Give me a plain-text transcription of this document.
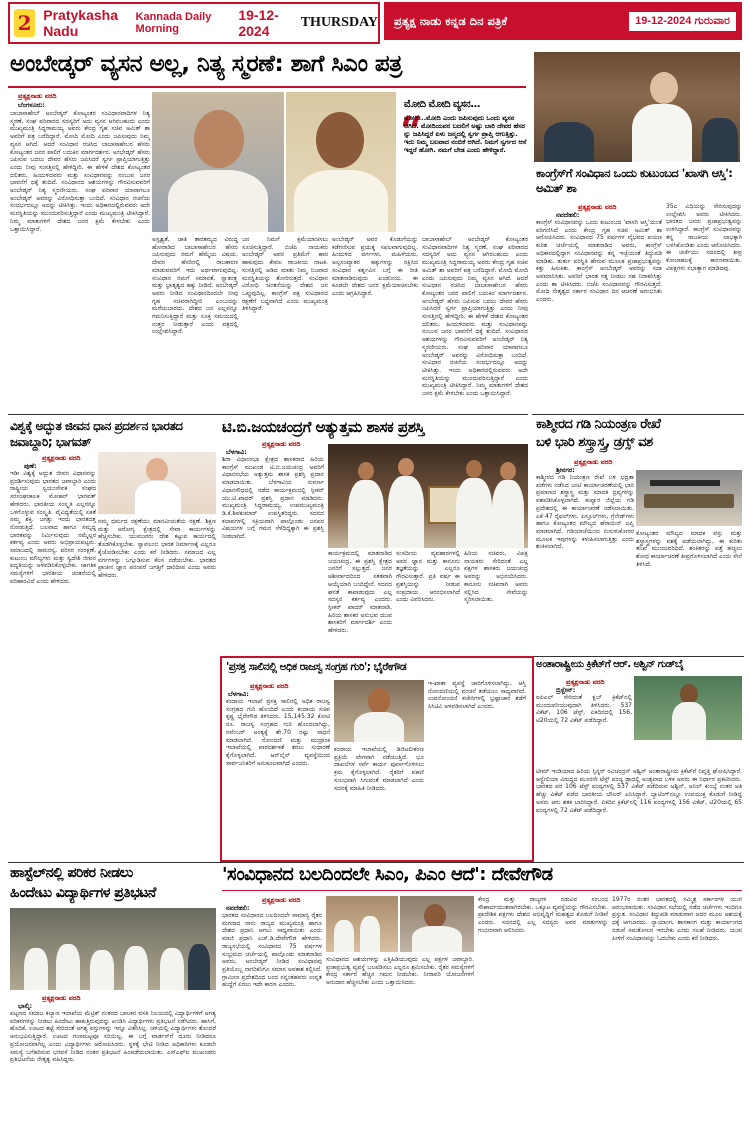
2 Pratykasha Nadu
Kannada Daily Morning
19-12-2024
THURSDAY ಪ್ರತ್ಯಕ್ಷ ನಾಡು ಕನ್ನಡ ದಿನ ಪತ್ರಿಕೆ	19-12-2024 ಗುರುವಾರ
ಅಂಬೇಡ್ಕರ್ ವ್ಯಸನ ಅಲ್ಲ, ನಿತ್ಯ ಸ್ಮರಣೆ: ಶಾಗೆ ಸಿಎಂ ಪತ್ರ
ಪ್ರತ್ಯಕ್ಷನಾಡು ವರದಿ
ಬೆಂಗಳೂರು:
ಬಾಬಾಸಾಹೇಬ್ ಅಂಬೇಡ್ಕರ್ ಕೋಟ್ಯಂತರ ಸಂವಿಧಾನವಾದಿಗಳ ನಿತ್ಯ ಸ್ಮರಣೆ, ಸಂಘ ಪರಿವಾರದ ಸದಸ್ಯರಿಗೆ ಅದು ವ್ಯಸನ ಆಗಿರಬಹುದು ಎಂದು ಮುಖ್ಯಮಂತ್ರಿ ಸಿದ್ದರಾಮಯ್ಯ ಅವರು ಕೇಂದ್ರ ಗೃಹ ಸಚಿವ ಅಮಿತ್ ಶಾ ಅವರಿಗೆ ಪತ್ರ ಬರೆದಿದ್ದಾರೆ. ಮೋದಿ ಮೋದಿ ಎಂದು ಜಪಿಸುವುದು ನಿಮ್ಮ ವ್ಯಸನ ಆಗಿದೆ. ಆದರೆ ಸಂವಿಧಾನ ರಚಿಸಿದ ಬಾಬಾಸಾಹೇಬರ ಹೆಸರು ಕೋಟ್ಯಂತರ ಜನರ ಪಾಲಿಗೆ ಬದುಕಿನ ಮಾರ್ಗದರ್ಶನ. ಅಂಬೇಡ್ಕರ್ ಹೆಸರು ಜಪಿಸುವ ಬದಲು ದೇವರ ಹೆಸರು ಜಪಿಸಿದರೆ ಸ್ವರ್ಗ ಪ್ರಾಪ್ತಿಯಾಗುತ್ತಿತ್ತು ಎಂದು ನೀವು ಸಂಸತ್ತಿನಲ್ಲಿ ಹೇಳಿದ್ದೀರಿ. ಈ ಹೇಳಿಕೆ ದೇಶದ ಕೋಟ್ಯಂತರ ದಲಿತರು, ಹಿಂದುಳಿದವರು ಮತ್ತು ಸಂವಿಧಾನವನ್ನು ನಂಬುವ ಜನರ ಭಾವನೆಗೆ ಧಕ್ಕೆ ತಂದಿದೆ. ಸಂವಿಧಾನದ ಆಶಯಗಳನ್ನು ಗೌರವಿಸುವವರಿಗೆ ಅಂಬೇಡ್ಕರ್ ನಿತ್ಯ ಸ್ಮರಣೀಯರು. ಸಂಘ ಪರಿವಾರ ಯಾವಾಗಲೂ ಅಂಬೇಡ್ಕರ್ ಅವರನ್ನು ವಿರೋಧಿಸುತ್ತಾ ಬಂದಿದೆ. ಸಂವಿಧಾನ ರಚನೆಯ ಸಂದರ್ಭದಲ್ಲೂ ಅದನ್ನು ಟೀಕಿಸಿತ್ತು. ಇಂದು ಅಧಿಕಾರದಲ್ಲಿರುವವರು ಅದೇ ಮನಸ್ಥಿತಿಯನ್ನು ಮುಂದುವರಿಸುತ್ತಿದ್ದಾರೆ ಎಂದು ಮುಖ್ಯಮಂತ್ರಿ ಟೀಕಿಸಿದ್ದಾರೆ. ನಿಮ್ಮ ಮಾತುಗಳಿಗೆ ದೇಶದ ಜನರ ಕ್ಷಮೆ ಕೇಳಬೇಕು ಎಂದು ಒತ್ತಾಯಿಸಿದ್ದಾರೆ.
ಮೋದಿ ಮೋದಿ ವ್ಯಸನ...
“
ಮೋದಿ...ಮೋದಿ ಎಂದು ಜಪಿಸುವುದು ಒಂದು ವ್ಯಸನ ಆಗಿದೆ. ಮೋದಿಯವರ ಬದಲಿಗೆ ಅಷ್ಟು ಬಾರಿ ದೇವರ ಹೆಸರ ನ್ನು ಜಪಿಸಿದ್ದರೆ ಏಳು ಜನ್ಮದಲ್ಲಿ ಸ್ವರ್ಗ ಪ್ರಾಪ್ತಿ ಆಗುತ್ತಿತ್ತು. ಇದು ನಿಮ್ಮ ಬಲವಾದ ನಂಬಿಕೆ ಆಗಿದೆ. ನಿಮಗೆ ಸ್ವರ್ಗದ ಆಸೆ ಇದ್ದರೆ ಹೋಗಿ. ನಮಗೆ ಬೇಡ ಎಂದು ಹೇಳಿದ್ದಾರೆ.
ಅಸ್ಪೃಶ್ಯತೆ, ಜಾತಿ ತಾರತಮ್ಯದ ವಿರುದ್ಧ ಹೋರಾಡಿದ ಬಾಬಾಸಾಹೇಬರ ಹೆಸರು ಜಪಿಸುವುದು ನಮಗೆ ಹೆಮ್ಮೆಯ ವಿಷಯ. ದೇವರ ಹೆಸರಿನಲ್ಲಿ ರಾಜಕಾರಣ ಮಾಡುವವರಿಗೆ ಇದು ಅರ್ಥವಾಗುವುದಿಲ್ಲ. ಸಂವಿಧಾನ ನಮಗೆ ಸಮಾನತೆ, ಸ್ವಾತಂತ್ರ್ಯ ಮತ್ತು ಭ್ರಾತೃತ್ವದ ಹಕ್ಕು ನೀಡಿದೆ. ಅಂಬೇಡ್ಕರ್ ಅವರು ನೀಡಿದ ಸಂವಿಧಾನದಿಂದಲೇ ನೀವು ಗೃಹ ಸಚಿವರಾಗಿದ್ದೀರಿ ಎಂಬುದನ್ನು ಮರೆಯಬಾರದು. ದೇಶದ ಜನ ಎಲ್ಲವನ್ನೂ ಗಮನಿಸುತ್ತಿದ್ದಾರೆ ಮತ್ತು ಸೂಕ್ತ ಸಮಯದಲ್ಲಿ ಉತ್ತರ ನೀಡುತ್ತಾರೆ ಎಂದು ಪತ್ರದಲ್ಲಿ ಉಲ್ಲೇಖಿಸಿದ್ದಾರೆ.
ಜನ ನಿಮಗೆ ಕ್ಷಮೆಯಾಚಿಸಲು ಸೂಚಿಸುತ್ತಿದ್ದಾರೆ. ಬಿಜೆಪಿ ನಾಯಕರು ಅಂಬೇಡ್ಕರ್ ಅವರ ಪ್ರತಿಮೆಗೆ ಹಾರ ಹಾಕುವುದು ಕೇವಲ ರಾಜಕೀಯ ನಾಟಕ. ಸಂಸತ್ತಿನಲ್ಲಿ ಆಡಿದ ಮಾತು ನಿಮ್ಮ ನಿಜವಾದ ಮನಸ್ಥಿತಿಯನ್ನು ತೋರಿಸುತ್ತದೆ. ಸಂವಿಧಾನ ವಿರೋಧಿ ಚಿಂತನೆಯನ್ನು ದೇಶದ ಜನ ಒಪ್ಪುವುದಿಲ್ಲ. ಕಾಂಗ್ರೆಸ್ ಪಕ್ಷ ಸಂವಿಧಾನದ ರಕ್ಷಣೆಗೆ ಬದ್ಧವಾಗಿದೆ ಎಂದು ಮುಖ್ಯಮಂತ್ರಿ ತಿಳಿಸಿದ್ದಾರೆ.
ಅಂಬೇಡ್ಕರ್ ಅವರ ಕೊಡುಗೆಯನ್ನು ಕಡೆಗಣಿಸುವ ಪ್ರಯತ್ನ ಸಫಲವಾಗುವುದಿಲ್ಲ. ಹಿಂದುಳಿದ ವರ್ಗಗಳು, ಮಹಿಳೆಯರು, ಅಲ್ಪಸಂಖ್ಯಾತರ ಹಕ್ಕುಗಳನ್ನು ರಕ್ಷಿಸಿದ ಸಂವಿಧಾನ ಕರ್ತೃವಿನ ಬಗ್ಗೆ ಈ ರೀತಿ ಮಾತನಾಡಿರುವುದು ಖಂಡನೀಯ. ಈ ಕೂಡಲೇ ದೇಶದ ಜನರ ಕ್ಷಮೆಯಾಚಿಸಬೇಕು ಎಂದು ಆಗ್ರಹಿಸಿದ್ದಾರೆ.
ಬಾಬಾಸಾಹೇಬ್ ಅಂಬೇಡ್ಕರ್ ಕೋಟ್ಯಂತರ ಸಂವಿಧಾನವಾದಿಗಳ ನಿತ್ಯ ಸ್ಮರಣೆ, ಸಂಘ ಪರಿವಾರದ ಸದಸ್ಯರಿಗೆ ಅದು ವ್ಯಸನ ಆಗಿರಬಹುದು ಎಂದು ಮುಖ್ಯಮಂತ್ರಿ ಸಿದ್ದರಾಮಯ್ಯ ಅವರು ಕೇಂದ್ರ ಗೃಹ ಸಚಿವ ಅಮಿತ್ ಶಾ ಅವರಿಗೆ ಪತ್ರ ಬರೆದಿದ್ದಾರೆ. ಮೋದಿ ಮೋದಿ ಎಂದು ಜಪಿಸುವುದು ನಿಮ್ಮ ವ್ಯಸನ ಆಗಿದೆ. ಆದರೆ ಸಂವಿಧಾನ ರಚಿಸಿದ ಬಾಬಾಸಾಹೇಬರ ಹೆಸರು ಕೋಟ್ಯಂತರ ಜನರ ಪಾಲಿಗೆ ಬದುಕಿನ ಮಾರ್ಗದರ್ಶನ. ಅಂಬೇಡ್ಕರ್ ಹೆಸರು ಜಪಿಸುವ ಬದಲು ದೇವರ ಹೆಸರು ಜಪಿಸಿದರೆ ಸ್ವರ್ಗ ಪ್ರಾಪ್ತಿಯಾಗುತ್ತಿತ್ತು ಎಂದು ನೀವು ಸಂಸತ್ತಿನಲ್ಲಿ ಹೇಳಿದ್ದೀರಿ. ಈ ಹೇಳಿಕೆ ದೇಶದ ಕೋಟ್ಯಂತರ ದಲಿತರು, ಹಿಂದುಳಿದವರು ಮತ್ತು ಸಂವಿಧಾನವನ್ನು ನಂಬುವ ಜನರ ಭಾವನೆಗೆ ಧಕ್ಕೆ ತಂದಿದೆ. ಸಂವಿಧಾನದ ಆಶಯಗಳನ್ನು ಗೌರವಿಸುವವರಿಗೆ ಅಂಬೇಡ್ಕರ್ ನಿತ್ಯ ಸ್ಮರಣೀಯರು. ಸಂಘ ಪರಿವಾರ ಯಾವಾಗಲೂ ಅಂಬೇಡ್ಕರ್ ಅವರನ್ನು ವಿರೋಧಿಸುತ್ತಾ ಬಂದಿದೆ. ಸಂವಿಧಾನ ರಚನೆಯ ಸಂದರ್ಭದಲ್ಲೂ ಅದನ್ನು ಟೀಕಿಸಿತ್ತು. ಇಂದು ಅಧಿಕಾರದಲ್ಲಿರುವವರು ಅದೇ ಮನಸ್ಥಿತಿಯನ್ನು ಮುಂದುವರಿಸುತ್ತಿದ್ದಾರೆ ಎಂದು ಮುಖ್ಯಮಂತ್ರಿ ಟೀಕಿಸಿದ್ದಾರೆ. ನಿಮ್ಮ ಮಾತುಗಳಿಗೆ ದೇಶದ ಜನರ ಕ್ಷಮೆ ಕೇಳಬೇಕು ಎಂದು ಒತ್ತಾಯಿಸಿದ್ದಾರೆ.
ಕಾಂಗ್ರೆಸ್‌ಗೆ ಸಂವಿಧಾನ ಒಂದು ಕುಟುಂಬದ 'ಖಾಸಗಿ ಆಸ್ತಿ': ಅಮಿತ್ ಶಾ
ಪ್ರತ್ಯಕ್ಷನಾಡು ವರದಿ
ನವದೆಹಲಿ:
ಕಾಂಗ್ರೆಸ್ ಸಂವಿಧಾನವನ್ನು ಒಂದು ಕುಟುಂಬದ 'ಖಾಸಗಿ ಆಸ್ತಿ'ಯಂತೆ ಪರಿಗಣಿಸಿದೆ ಎಂದು ಕೇಂದ್ರ ಗೃಹ ಸಚಿವ ಅಮಿತ್ ಶಾ ಆರೋಪಿಸಿದರು. ಸಂವಿಧಾನದ 75 ವರ್ಷಗಳ ವೈಭವದ ಪಯಣ ಕುರಿತ ಚರ್ಚೆಯಲ್ಲಿ ಮಾತನಾಡಿದ ಅವರು, ಕಾಂಗ್ರೆಸ್ ಅಧಿಕಾರದಲ್ಲಿದ್ದಾಗ ಸಂವಿಧಾನವನ್ನು ತನ್ನ ಇಚ್ಛೆಯಂತೆ ತಿದ್ದುಪಡಿ ಮಾಡಿತು. ತುರ್ತು ಪರಿಸ್ಥಿತಿ ಹೇರುವ ಮೂಲಕ ಪ್ರಜಾಪ್ರಭುತ್ವವನ್ನು ಕತ್ತು ಹಿಸುಕಿತು. ಕಾಂಗ್ರೆಸ್ ಅಂಬೇಡ್ಕರ್ ಅವರನ್ನು ಸದಾ ಅವಮಾನಿಸಿತು. ಅವರಿಗೆ ಭಾರತ ರತ್ನ ನೀಡಲು ಸಹ ನಿರಾಕರಿಸಿತ್ತು ಎಂದು ಶಾ ಟೀಕಿಸಿದರು. ಬಿಜೆಪಿ ಸಂವಿಧಾನವನ್ನು ಗೌರವಿಸುತ್ತದೆ. ಮೋದಿ ನೇತೃತ್ವದ ಸರ್ಕಾರ ಸಂವಿಧಾನ ದಿನ ಆಚರಣೆ ಆರಂಭಿಸಿತು ಎಂದರು.
35ಎ ವಿಧಿಯನ್ನು ಸೇರಿಸುವುದನ್ನು ಉಲ್ಲೇಖಿಸಿ ಅವರು ಟೀಕಿಸಿದರು. ಭಾರತದ ಜನರು ಪ್ರಜಾಪ್ರಭುತ್ವವನ್ನು ಉಳಿಸಿದ್ದಾರೆ. ಕಾಂಗ್ರೆಸ್ ಸಂವಿಧಾನವನ್ನು ತನ್ನ ರಾಜಕೀಯ ಲಾಭಕ್ಕಾಗಿ ಬಳಸಿಕೊಂಡಿತು ಎಂದು ಆರೋಪಿಸಿದರು. ಈ ಚರ್ಚೆಯು ಸದನದಲ್ಲಿ ತೀವ್ರ ಕೋಲಾಹಲಕ್ಕೆ ಕಾರಣವಾಯಿತು. ವಿಪಕ್ಷಗಳು ಸಭಾತ್ಯಾಗ ಮಾಡಿದವು.
ಕಾಶ್ಮೀರದ ಗಡಿ ನಿಯಂತ್ರಣ ರೇಖೆ
ಬಳಿ ಭಾರಿ ಶಸ್ತ್ರಾಸ್ತ್ರ, ಡ್ರಗ್ಸ್ ವಶ
ಪ್ರತ್ಯಕ್ಷನಾಡು ವರದಿ
ಶ್ರೀನಗರ:
ಕಾಶ್ಮೀರದ ಗಡಿ ನಿಯಂತ್ರಣ ರೇಖೆ ಬಳಿ ಭದ್ರತಾ ಪಡೆಗಳು ನಡೆಸಿದ ಜಂಟಿ ಕಾರ್ಯಾಚರಣೆಯಲ್ಲಿ ಭಾರಿ ಪ್ರಮಾಣದ ಶಸ್ತ್ರಾಸ್ತ್ರ ಮತ್ತು ಮಾದಕ ದ್ರವ್ಯಗಳನ್ನು ವಶಪಡಿಸಿಕೊಳ್ಳಲಾಗಿದೆ. ಕುಪ್ವಾರ ಜಿಲ್ಲೆಯ ಗಡಿ ಪ್ರದೇಶದಲ್ಲಿ ಈ ಕಾರ್ಯಾಚರಣೆ ನಡೆಸಲಾಯಿತು. ಎಕೆ 47 ರೈಫಲ್‌ಗಳು, ಪಿಸ್ತೂಲ್‌ಗಳು, ಗ್ರೆನೇಡ್‌ಗಳು ಹಾಗೂ ಕೋಟ್ಯಂತರ ಮೌಲ್ಯದ ಹೆರಾಯಿನ್ ಜಪ್ತಿ ಮಾಡಲಾಗಿದೆ. ಗಡಿಯಾಚೆಯಿಂದ ನುಸುಳುಕೋರರ ಮೂಲಕ ಇವುಗಳನ್ನು ಕಳುಹಿಸಲಾಗುತ್ತಿತ್ತು ಎಂದು ಶಂಕಿಸಲಾಗಿದೆ.
ಕೋಟ್ಯಂತರ ಮೌಲ್ಯದ ಮಾದಕ ವಸ್ತು ಮತ್ತು ಶಸ್ತ್ರಾಸ್ತ್ರಗಳನ್ನು ವಶಕ್ಕೆ ಪಡೆಯಲಾಗಿದ್ದು, ಈ ಕುರಿತು ತನಿಖೆ ಮುಂದುವರಿದಿದೆ. ಶಂಕಿತರನ್ನು ಪತ್ತೆ ಹಚ್ಚಲು ಶೋಧ ಕಾರ್ಯಾಚರಣೆ ತೀವ್ರಗೊಳಿಸಲಾಗಿದೆ ಎಂದು ಸೇನೆ ತಿಳಿಸಿದೆ.
ಅಂತಾರಾಷ್ಟ್ರೀಯ ಕ್ರಿಕೆಟ್‌ಗೆ ಆರ್. ಅಶ್ವಿನ್ ಗುಡ್‌ಬೈ
ಪ್ರತ್ಯಕ್ಷನಾಡು ವರದಿ
ಬ್ರಿಸ್ಬೇನ್:
ಐಪಿಎಲ್ ಸೇರಿದಂತೆ ಕ್ಲಬ್ ಕ್ರಿಕೆಟ್‌ನಲ್ಲಿ ಮುಂದುವರಿಯುವುದಾಗಿ ತಿಳಿಸಿದರು. 537 ವಿಕೆಟ್, 106 ಟೆಸ್ಟ್, ಏಕದಿನದಲ್ಲಿ 156, ಟಿ20ಯಲ್ಲಿ 72 ವಿಕೆಟ್ ಪಡೆದಿದ್ದಾರೆ.
ಟೀಮ್ ಇಂಡಿಯಾದ ಹಿರಿಯ ಸ್ಪಿನ್ನರ್ ರವಿಚಂದ್ರನ್ ಅಶ್ವಿನ್ ಅಂತಾರಾಷ್ಟ್ರೀಯ ಕ್ರಿಕೆಟ್‌ಗೆ ನಿವೃತ್ತಿ ಘೋಷಿಸಿದ್ದಾರೆ. ಆಸ್ಟ್ರೇಲಿಯಾ ವಿರುದ್ಧದ ಮೂರನೇ ಟೆಸ್ಟ್ ಪಂದ್ಯ ಡ್ರಾದಲ್ಲಿ ಅಂತ್ಯವಾದ ಬಳಿಕ ಅವರು ಈ ನಿರ್ಧಾರ ಪ್ರಕಟಿಸಿದರು. ಭಾರತದ ಪರ 106 ಟೆಸ್ಟ್ ಪಂದ್ಯಗಳಲ್ಲಿ 537 ವಿಕೆಟ್ ಪಡೆದಿರುವ ಅಶ್ವಿನ್, ಅನಿಲ್ ಕುಂಬ್ಳೆ ನಂತರ ಅತಿ ಹೆಚ್ಚು ವಿಕೆಟ್ ಪಡೆದ ಭಾರತೀಯ ಬೌಲರ್ ಎನಿಸಿದ್ದಾರೆ. ಬ್ಯಾಟಿಂಗ್‌ನಲ್ಲೂ ಉಪಯುಕ್ತ ಕೊಡುಗೆ ನೀಡಿದ್ದ ಅವರು ಆರು ಶತಕ ಬಾರಿಸಿದ್ದಾರೆ. ಏಕದಿನ ಕ್ರಿಕೆಟ್‌ನಲ್ಲಿ 116 ಪಂದ್ಯಗಳಲ್ಲಿ 156 ವಿಕೆಟ್, ಟಿ20ಯಲ್ಲಿ 65 ಪಂದ್ಯಗಳಲ್ಲಿ 72 ವಿಕೆಟ್ ಪಡೆದಿದ್ದಾರೆ.
ವಿಶ್ವಕ್ಕೆ ಅದ್ಭುತ ಜೀವನ ಧಾನ ಪ್ರದರ್ಶನ ಭಾರತದ ಜವಾಬ್ದಾರಿ; ಭಾಗವತ್
ಪ್ರತ್ಯಕ್ಷನಾಡು ವರದಿ
ಪುಣೆ:
ಇಡೀ ವಿಶ್ವಕ್ಕೆ ಅದ್ಭುತ ಜೀವನ ವಿಧಾನವನ್ನು ಪ್ರದರ್ಶಿಸುವುದು ಭಾರತದ ಜವಾಬ್ದಾರಿ ಎಂದು ರಾಷ್ಟ್ರೀಯ ಸ್ವಯಂಸೇವಕ ಸಂಘದ ಸರಸಂಘಚಾಲಕ ಮೋಹನ್ ಭಾಗವತ್ ಹೇಳಿದರು. ಭಾರತೀಯ ಸಂಸ್ಕೃತಿ ಎಲ್ಲರನ್ನೂ ಒಳಗೊಳ್ಳುವ ಸಂಸ್ಕೃತಿ. ವೈವಿಧ್ಯತೆಯಲ್ಲಿ ಏಕತೆ ನಮ್ಮ ಶಕ್ತಿ. ಜಗತ್ತು ಇಂದು ಭಾರತದತ್ತ ನೋಡುತ್ತಿದೆ. ಬಲವಾದ ಹಾಗೂ ಸಮೃದ್ಧ ಭಾರತವನ್ನು ನಿರ್ಮಿಸುವುದು ನಮ್ಮೆಲ್ಲರ ಕರ್ತವ್ಯ ಎಂದು ಅವರು ಅಭಿಪ್ರಾಯಪಟ್ಟರು. ಸಮಾಜದಲ್ಲಿ ಸಾಮರಸ್ಯ, ಪರಿಸರ ಸಂರಕ್ಷಣೆ, ಕುಟುಂಬ ಮೌಲ್ಯಗಳು ಮತ್ತು ಸ್ವದೇಶಿ ಜೀವನ ಪದ್ಧತಿಯನ್ನು ಅಳವಡಿಸಿಕೊಳ್ಳಬೇಕು. ಜಾಗತಿಕ ಸಮಸ್ಯೆಗಳಿಗೆ ಭಾರತೀಯ ಚಿಂತನೆಯಲ್ಲಿ ಪರಿಹಾರವಿದೆ ಎಂದು ಹೇಳಿದರು.
ನಮ್ಮ ಧರ್ಮದ ರಕ್ಷಣೆಯು ಮಾನವೀಯತೆಯ ರಕ್ಷಣೆ. ಶಿಕ್ಷಣ ಮತ್ತು ಆರೋಗ್ಯ ಕ್ಷೇತ್ರದಲ್ಲಿ ಸೇವಾ ಕಾರ್ಯಗಳನ್ನು ಹೆಚ್ಚಿಸಬೇಕು. ಯುವಜನರು ದೇಶ ಕಟ್ಟುವ ಕಾರ್ಯದಲ್ಲಿ ತೊಡಗಿಕೊಳ್ಳಬೇಕು. ಸ್ವಾವಲಂಬಿ ಭಾರತ ನಿರ್ಮಾಣಕ್ಕೆ ಎಲ್ಲರೂ ಕೈಜೋಡಿಸಬೇಕು ಎಂದು ಕರೆ ನೀಡಿದರು. ಸಮಾಜದ ಎಲ್ಲ ವರ್ಗಗಳನ್ನು ಒಗ್ಗೂಡಿಸುವ ಕೆಲಸ ನಡೆಯಬೇಕು. ಭಾರತದ ಪ್ರಾಚೀನ ಜ್ಞಾನ ಪರಂಪರೆ ಜಗತ್ತಿಗೆ ದಾರಿದೀಪ ಎಂದು ಅವರು ಹೇಳಿದರು.
ಟಿ.ಬಿ.ಜಯಚಂದ್ರಗೆ ಅತ್ಯುತ್ತಮ ಶಾಸಕ ಪ್ರಶಸ್ತಿ
ಪ್ರತ್ಯಕ್ಷನಾಡು ವರದಿ
ಬೆಳಗಾವಿ:
ಶಿರಾ ವಿಧಾನಸಭಾ ಕ್ಷೇತ್ರದ ಶಾಸಕರಾದ ಹಿರಿಯ ಕಾಂಗ್ರೆಸ್ ಮುಖಂಡ ಟಿ.ಬಿ.ಜಯಚಂದ್ರ ಅವರಿಗೆ ವಿಧಾನಸಭೆಯ ಅತ್ಯುತ್ತಮ ಶಾಸಕ ಪ್ರಶಸ್ತಿ ಪ್ರದಾನ ಮಾಡಲಾಯಿತು. ಬೆಳಗಾವಿಯ ಸುವರ್ಣ ವಿಧಾನಸೌಧದಲ್ಲಿ ನಡೆದ ಕಾರ್ಯಕ್ರಮದಲ್ಲಿ ಸ್ಪೀಕರ್ ಯು.ಟಿ.ಖಾದರ್ ಪ್ರಶಸ್ತಿ ಪ್ರದಾನ ಮಾಡಿದರು. ಮುಖ್ಯಮಂತ್ರಿ ಸಿದ್ದರಾಮಯ್ಯ, ಉಪಮುಖ್ಯಮಂತ್ರಿ ಡಿ.ಕೆ.ಶಿವಕುಮಾರ್ ಉಪಸ್ಥಿತರಿದ್ದರು. ಸದನದ ಕಲಾಪಗಳಲ್ಲಿ ಸಕ್ರಿಯವಾಗಿ ಪಾಲ್ಗೊಂಡು ಜನಪರ ವಿಷಯಗಳ ಬಗ್ಗೆ ಗಮನ ಸೆಳೆದಿದ್ದಕ್ಕಾಗಿ ಈ ಪ್ರಶಸ್ತಿ ನೀಡಲಾಗಿದೆ.
ಕಾರ್ಯಕ್ರಮದಲ್ಲಿ ಮಾತನಾಡಿದ ಜಯಚಂದ್ರ, ಈ ಪ್ರಶಸ್ತಿ ಕ್ಷೇತ್ರದ ಜನರಿಗೆ ಸಲ್ಲುತ್ತದೆ. ಜನರ ಆಶೀರ್ವಾದದಿಂದ ಸತತವಾಗಿ ಆಯ್ಕೆಯಾಗಿ ಬಂದಿದ್ದೇನೆ. ಸದನದ ಘನತೆ ಕಾಪಾಡುವುದು ಎಲ್ಲ ಸದಸ್ಯರ ಕರ್ತವ್ಯ ಎಂದರು. ಸ್ಪೀಕರ್ ಖಾದರ್ ಮಾತನಾಡಿ, ಹಿರಿಯ ಶಾಸಕರ ಅನುಭವ ಯುವ ಶಾಸಕರಿಗೆ ಮಾರ್ಗದರ್ಶಿ ಎಂದು ಹೇಳಿದರು.
ಸಂಸದೀಯ ವ್ಯವಹಾರಗಳಲ್ಲಿ ಅವರ ಜ್ಞಾನ ಮತ್ತು ಕಾನೂನು ತಜ್ಞತೆಯನ್ನು ಎಲ್ಲರೂ ಗೌರವಿಸುತ್ತಾರೆ. ಪ್ರತಿ ವರ್ಷ ಈ ಪ್ರಶಸ್ತಿಯನ್ನು ನೀಡುವ ಸಂಪ್ರದಾಯ ಆರಂಭಿಸಲಾಗಿದೆ ಎಂದು ವಿವರಿಸಿದರು.
ಹಿರಿಯ ಸಚಿವರು, ವಿಪಕ್ಷ ನಾಯಕರು ಸೇರಿದಂತೆ ಎಲ್ಲ ಪಕ್ಷಗಳ ಶಾಸಕರು ಜಯಚಂದ್ರ ಅವರನ್ನು ಅಭಿನಂದಿಸಿದರು. ಕಾನೂನು ಸಚಿವರಾಗಿ ಅವರು ಸಲ್ಲಿಸಿದ ಸೇವೆಯನ್ನು ಸ್ಮರಿಸಲಾಯಿತು.
'ಪ್ರಸಕ್ತ ಸಾಲಿನಲ್ಲಿ ಅಧಿಕ ರಾಜಸ್ವ ಸಂಗ್ರಹ ಗುರಿ'; ಭೈರೇಗೌಡ
ಪ್ರತ್ಯಕ್ಷನಾಡು ವರದಿ
ಬೆಳಗಾವಿ:
ಕಂದಾಯ ಇಲಾಖೆ ಪ್ರಸಕ್ತ ಸಾಲಿನಲ್ಲಿ ಅಧಿಕ ರಾಜಸ್ವ ಸಂಗ್ರಹದ ಗುರಿ ಹೊಂದಿದೆ ಎಂದು ಕಂದಾಯ ಸಚಿವ ಕೃಷ್ಣ ಭೈರೇಗೌಡ ತಿಳಿಸಿದರು. 15,145.32 ಕೋಟಿ ರೂ. ರಾಜಸ್ವ ಸಂಗ್ರಹದ ಗುರಿ ಹೊಂದಲಾಗಿದ್ದು, ನವೆಂಬರ್ ಅಂತ್ಯಕ್ಕೆ ಶೇ.70 ರಷ್ಟು ಸಾಧನೆ ಮಾಡಲಾಗಿದೆ. ನೋಂದಣಿ ಮತ್ತು ಮುದ್ರಾಂಕ ಇಲಾಖೆಯಲ್ಲಿ ಪಾರದರ್ಶಕತೆ ತರಲು ಸುಧಾರಣೆ ಕೈಗೊಳ್ಳಲಾಗಿದೆ. ಆನ್‌ಲೈನ್ ವ್ಯವಸ್ಥೆಯಿಂದ ಸಾರ್ವಜನಿಕರಿಗೆ ಅನುಕೂಲವಾಗಿದೆ ಎಂದರು.
ಕಂದಾಯ ಇಲಾಖೆಯಲ್ಲಿ ಡಿಜಿಟಲೀಕರಣ ಪ್ರಕ್ರಿಯೆ ವೇಗವಾಗಿ ನಡೆಯುತ್ತಿದೆ. ಭೂ ದಾಖಲೆಗಳ ಸರ್ವೆ ಕಾರ್ಯ ಪೂರ್ಣಗೊಳಿಸಲು ಕ್ರಮ ಕೈಗೊಳ್ಳಲಾಗಿದೆ. ರೈತರಿಗೆ ಪಹಣಿ ಸುಲಭವಾಗಿ ಸಿಗುವಂತೆ ಮಾಡಲಾಗಿದೆ ಎಂದು ಸದನಕ್ಕೆ ಮಾಹಿತಿ ನೀಡಿದರು.
ಇ-ಖಾತಾ ವ್ಯವಸ್ಥೆ ಜಾರಿಗೊಳಿಸಲಾಗಿದ್ದು, ಆಸ್ತಿ ನೋಂದಣಿಯಲ್ಲಿ ವಂಚನೆ ತಡೆಯಲು ಸಾಧ್ಯವಾಗಿದೆ. ಉಪನೋಂದಣಿ ಕಚೇರಿಗಳಲ್ಲಿ ಭ್ರಷ್ಟಾಚಾರ ತಡೆಗೆ ಸಿಸಿಟಿವಿ ಅಳವಡಿಸಲಾಗಿದೆ ಎಂದರು.
ಹಾಸ್ಟೆಲ್‌ನಲ್ಲಿ ಪರಿಕರ ನೀಡಲು
ಹಿಂದೇಟು ವಿದ್ಯಾರ್ಥಿಗಳ ಪ್ರತಿಭಟನೆ
ಪ್ರತ್ಯಕ್ಷನಾಡು ವರದಿ
ಭಾಲ್ಕಿ:
ಪಟ್ಟಣದ ಸಮಾಜ ಕಲ್ಯಾಣ ಇಲಾಖೆಯ ಮೆಟ್ರಿಕ್ ನಂತರದ ಬಾಲಕರ ವಸತಿ ನಿಲಯದಲ್ಲಿ ವಿದ್ಯಾರ್ಥಿಗಳಿಗೆ ಅಗತ್ಯ ಪರಿಕರಗಳನ್ನು ನೀಡಲು ಹಿಂದೇಟು ಹಾಕುತ್ತಿರುವುದನ್ನು ಖಂಡಿಸಿ ವಿದ್ಯಾರ್ಥಿಗಳು ಪ್ರತಿಭಟನೆ ನಡೆಸಿದರು. ಹಾಸಿಗೆ, ಹೊದಿಕೆ, ಊಟದ ತಟ್ಟೆ ಸೇರಿದಂತೆ ಅಗತ್ಯ ವಸ್ತುಗಳನ್ನು ಇನ್ನೂ ವಿತರಿಸಿಲ್ಲ. ಚಳಿಯಲ್ಲಿ ವಿದ್ಯಾರ್ಥಿಗಳು ತೊಂದರೆ ಅನುಭವಿಸುತ್ತಿದ್ದಾರೆ. ಊಟದ ಗುಣಮಟ್ಟವೂ ಸರಿಯಿಲ್ಲ. ಈ ಬಗ್ಗೆ ವಾರ್ಡನ್‌ಗೆ ದೂರು ನೀಡಿದರೂ ಪ್ರಯೋಜನವಾಗಿಲ್ಲ ಎಂದು ವಿದ್ಯಾರ್ಥಿಗಳು ಆರೋಪಿಸಿದರು. ಸ್ಥಳಕ್ಕೆ ಭೇಟಿ ನೀಡಿದ ಅಧಿಕಾರಿಗಳು ಕೂಡಲೇ ಸಮಸ್ಯೆ ಬಗೆಹರಿಸುವ ಭರವಸೆ ನೀಡಿದ ನಂತರ ಪ್ರತಿಭಟನೆ ಹಿಂಪಡೆಯಲಾಯಿತು. ಎಸ್‌ಎಫ್‌ಐ ಮುಖಂಡರು ಪ್ರತಿಭಟನೆಯ ನೇತೃತ್ವ ವಹಿಸಿದ್ದರು.
'ಸಂವಿಧಾನದ ಬಲದಿಂದಲೇ ಸಿಎಂ, ಪಿಎಂ ಆದೆ': ದೇವೇಗೌಡ
ಪ್ರತ್ಯಕ್ಷನಾಡು ವರದಿ
ನವದೆಹಲಿ:
ಭಾರತದ ಸಂವಿಧಾನದ ಬಲದಿಂದಲೇ ಸಾಮಾನ್ಯ ರೈತನ ಮಗನಾದ ನಾನು ರಾಜ್ಯದ ಮುಖ್ಯಮಂತ್ರಿ ಹಾಗೂ ದೇಶದ ಪ್ರಧಾನಿ ಆಗಲು ಸಾಧ್ಯವಾಯಿತು ಎಂದು ಮಾಜಿ ಪ್ರಧಾನಿ ಎಚ್.ಡಿ.ದೇವೇಗೌಡ ಹೇಳಿದರು. ರಾಜ್ಯಸಭೆಯಲ್ಲಿ ಸಂವಿಧಾನದ 75 ವರ್ಷಗಳ ಸಂಭ್ರಮದ ಚರ್ಚೆಯಲ್ಲಿ ಪಾಲ್ಗೊಂಡು ಮಾತನಾಡಿದ ಅವರು, ಅಂಬೇಡ್ಕರ್ ನೀಡಿದ ಸಂವಿಧಾನವು ಪ್ರತಿಯೊಬ್ಬ ನಾಗರಿಕನಿಗೂ ಸಮಾನ ಅವಕಾಶ ಕಲ್ಪಿಸಿದೆ. ಗ್ರಾಮೀಣ ಪ್ರದೇಶದಿಂದ ಬಂದ ನನ್ನಂತಹವರು ಉನ್ನತ ಹುದ್ದೆಗೆ ಏರಲು ಇದೇ ಕಾರಣ ಎಂದರು.
ಸಂವಿಧಾನದ ಆಶಯಗಳನ್ನು ಎತ್ತಿಹಿಡಿಯುವುದು ಎಲ್ಲ ಪಕ್ಷಗಳ ಜವಾಬ್ದಾರಿ. ಪ್ರಜಾಪ್ರಭುತ್ವ ವ್ಯವಸ್ಥೆ ಬಲಪಡಿಸಲು ಎಲ್ಲರೂ ಶ್ರಮಿಸಬೇಕು. ರೈತರ ಸಮಸ್ಯೆಗಳಿಗೆ ಕೇಂದ್ರ ಸರ್ಕಾರ ಹೆಚ್ಚಿನ ಗಮನ ನೀಡಬೇಕು. ನೀರಾವರಿ ಯೋಜನೆಗಳಿಗೆ ಅನುದಾನ ಹೆಚ್ಚಿಸಬೇಕು ಎಂದು ಒತ್ತಾಯಿಸಿದರು.
ಕೇಂದ್ರ ಮತ್ತು ರಾಜ್ಯಗಳ ನಡುವಿನ ಸಂಬಂಧ ಸೌಹಾರ್ದಯುತವಾಗಿರಬೇಕು. ಒಕ್ಕೂಟ ವ್ಯವಸ್ಥೆಯನ್ನು ಗೌರವಿಸಬೇಕು. ಪ್ರಾದೇಶಿಕ ಪಕ್ಷಗಳು ದೇಶದ ಅಭಿವೃದ್ಧಿಗೆ ಮಹತ್ವದ ಕೊಡುಗೆ ನೀಡಿವೆ ಎಂದರು. ಸದನದಲ್ಲಿ ಎಲ್ಲ ಸದಸ್ಯರು ಅವರ ಮಾತುಗಳನ್ನು ಗಂಭೀರವಾಗಿ ಆಲಿಸಿದರು.
1977ರ ನಂತರ ಭಾರತದಲ್ಲಿ ಸಮ್ಮಿಶ್ರ ಸರ್ಕಾರಗಳ ಯುಗ ಆರಂಭವಾಯಿತು. ಸಂವಿಧಾನ ಸಭೆಯಲ್ಲಿ ನಡೆದ ಚರ್ಚೆಗಳು ಇಂದಿಗೂ ಪ್ರಸ್ತುತ. ಸಂವಿಧಾನ ತಿದ್ದುಪಡಿ ಮಾಡುವಾಗ ಅದರ ಮೂಲ ಆಶಯಕ್ಕೆ ಧಕ್ಕೆ ಆಗಬಾರದು. ನ್ಯಾಯಾಂಗ, ಶಾಸಕಾಂಗ ಮತ್ತು ಕಾರ್ಯಾಂಗದ ನಡುವೆ ಸಮತೋಲನ ಇರಬೇಕು ಎಂದು ಸಲಹೆ ನೀಡಿದರು. ಯುವ ಪೀಳಿಗೆ ಸಂವಿಧಾನವನ್ನು ಓದಬೇಕು ಎಂದು ಕರೆ ನೀಡಿದರು.
